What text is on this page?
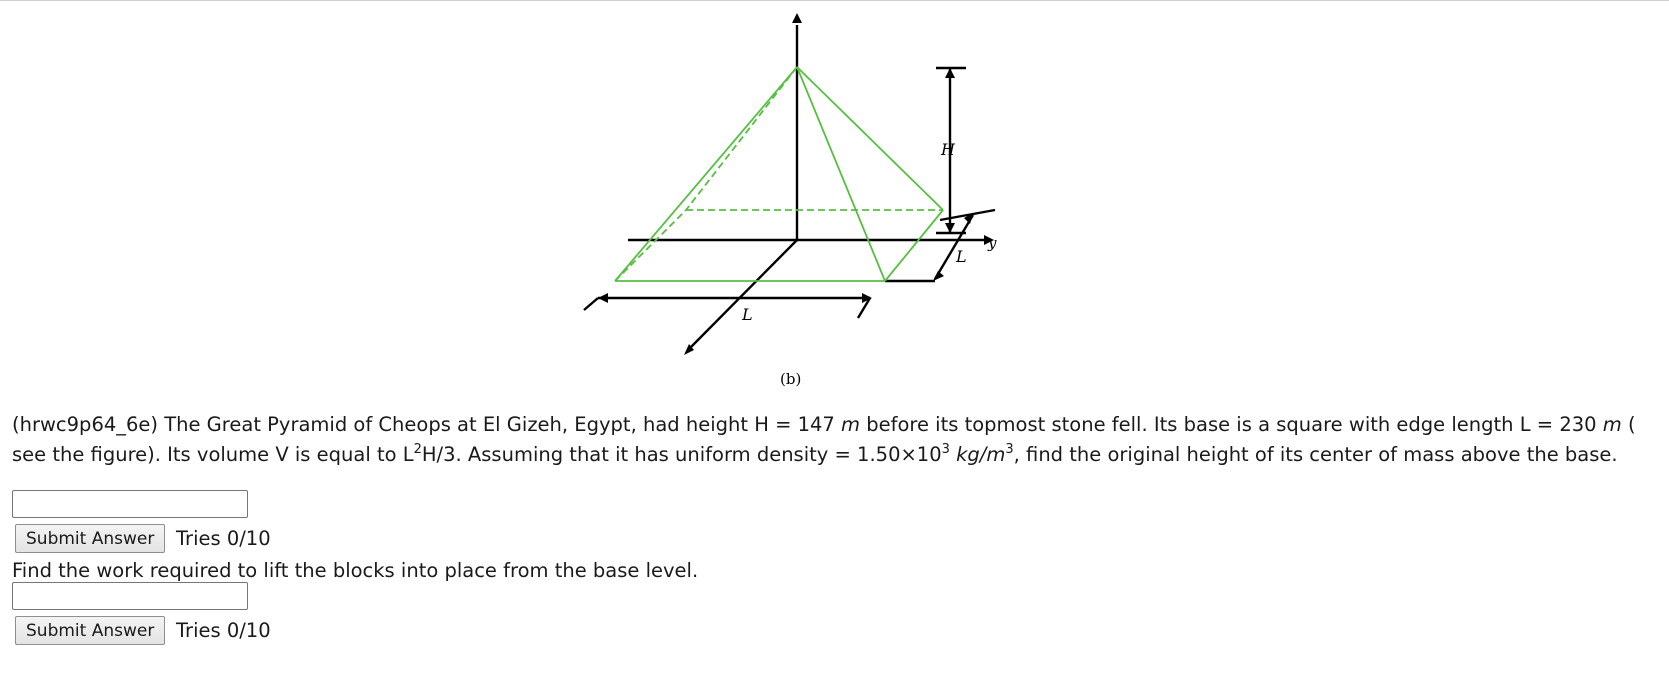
H
L
L
y
(b)

(hrwc9p64_6e) The Great Pyramid of Cheops at El Gizeh, Egypt, had height H = 147 m before its topmost stone fell. Its base is a square with edge length L = 230 m ( see the figure). Its volume V is equal to $L^2H/3$. Assuming that it has uniform density = $1.50\times 10^3$ $kg/m^3$, find the original height of its center of mass above the base.

Submit Answer	Tries 0/10

Find the work required to lift the blocks into place from the base level.

Submit Answer	Tries 0/10
